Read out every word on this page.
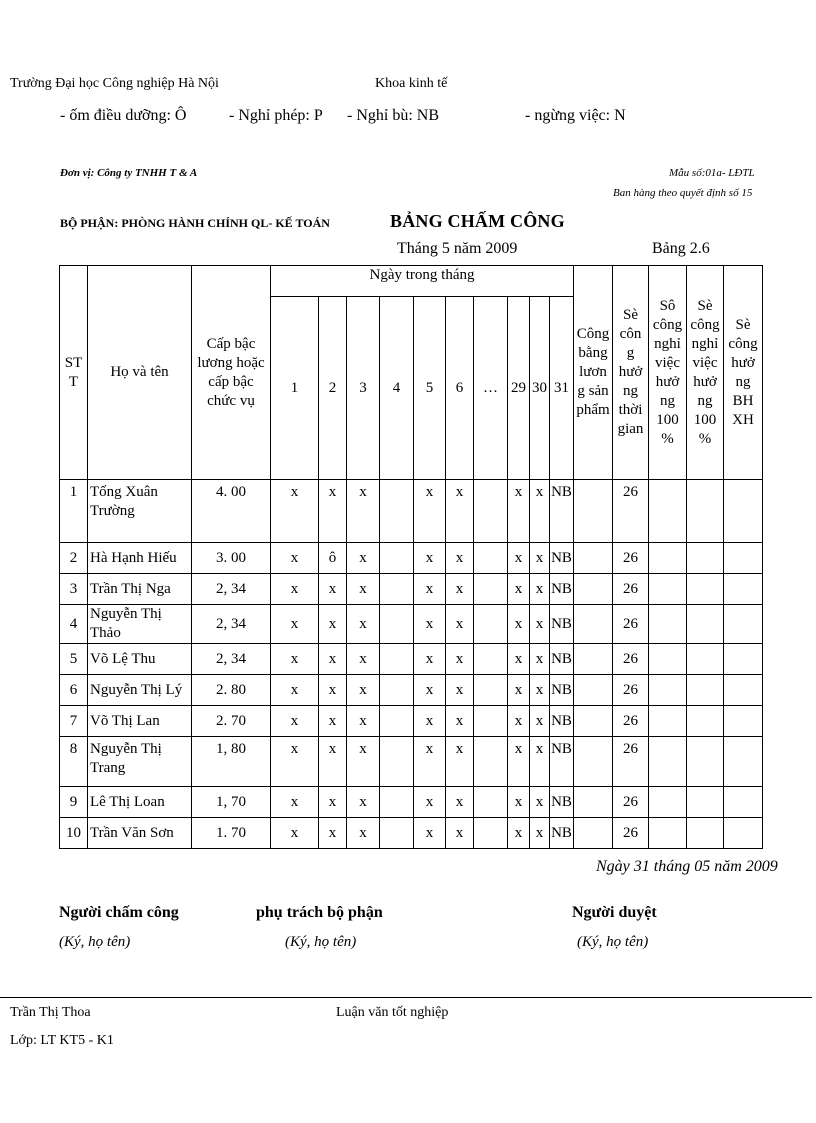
Trường Đại học Công nghiệp Hà Nội	Khoa kinh tế
- ốm điều dưỡng: Ô	- Nghỉ phép: P - Nghỉ bù: NB	- ngừng việc: N
Đơn vị: Công ty TNHH T & A	Mẫu số:01a- LĐTL
Ban hàng theo quyết định số 15
BỘ PHẬN: PHÒNG HÀNH CHÍNH QL- KẾ TOÁN	BẢNG CHẤM CÔNG
Tháng 5 năm 2009	Bảng 2.6
ST T	Họ và tên	Cấp bậc lương hoặc cấp bậc chức vụ	Ngày trong tháng										Công bằng lương sản phẩm	Sè công hưởng thời gian	Sô công nghỉ việc hưởng 100%	Sè công nghỉ việc hưởng 100%	Sè công hưởng BH XH

			1	2	3	4	5	6	…	29	30	31					
1	Tống Xuân Trường	4. 00	x	x	x		x	x		x	x	NB		26			
2	Hà Hạnh Hiếu	3. 00	x	ô	x		x	x		x	x	NB		26			
3	Trần Thị Nga	2, 34	x	x	x		x	x		x	x	NB		26			
4	Nguyễn Thị Thảo	2, 34	x	x	x		x	x		x	x	NB		26			
5	Võ Lệ Thu	2, 34	x	x	x		x	x		x	x	NB		26			
6	Nguyễn Thị Lý	2. 80	x	x	x		x	x		x	x	NB		26			
7	Võ Thị Lan	2. 70	x	x	x		x	x		x	x	NB		26			
8	Nguyễn Thị Trang	1, 80	x	x	x		x	x		x	x	NB		26			
9	Lê Thị Loan	1, 70	x	x	x		x	x		x	x	NB		26			
10	Trần Văn Sơn	1. 70	x	x	x		x	x		x	x	NB		26			
Ngày 31 tháng 05 năm 2009
Người chấm công
(Ký, họ tên)
phụ trách bộ phận
(Ký, họ tên)
Người duyệt
(Ký, họ tên)
Trần Thị Thoa	Luận văn tốt nghiệp
Lớp: LT KT5 - K1
